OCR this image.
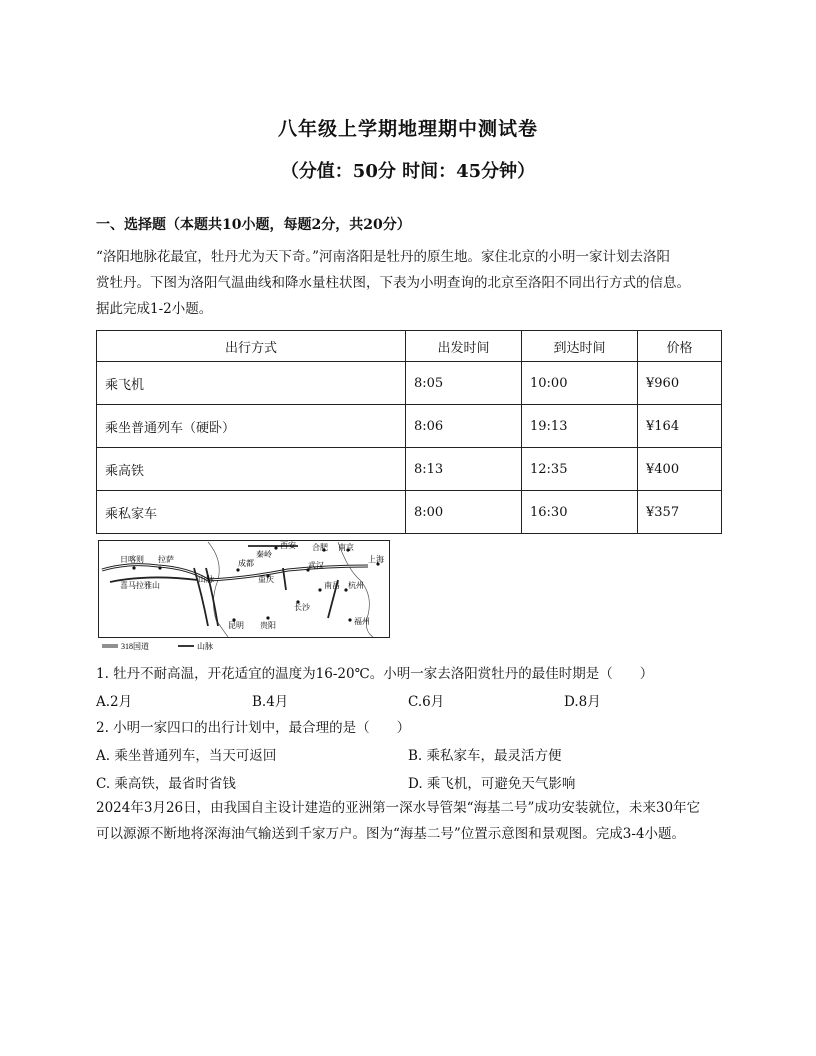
八年级上学期地理期中测试卷
（分值：50分 时间：45分钟）
一、选择题（本题共10小题，每题2分，共20分）
“洛阳地脉花最宜，牡丹尤为天下奇。”河南洛阳是牡丹的原生地。家住北京的小明一家计划去洛阳
赏牡丹。下图为洛阳气温曲线和降水量柱状图，下表为小明查询的北京至洛阳不同出行方式的信息。
据此完成1-2小题。
出行方式	出发时间	到达时间	价格
乘飞机	8:05	10:00	¥960
乘坐普通列车（硬卧）	8:06	19:13	¥164
乘高铁	8:13	12:35	¥400
乘私家车	8:00	16:30	¥357
日喀则 拉萨
喜马拉雅山
秦岭
西安 合肥 南京
上海
成都
重庆
武汉
南昌 杭州
长沙
贵阳
昆明	福州
山脉
318国道	山脉
1. 牡丹不耐高温，开花适宜的温度为16-20℃。小明一家去洛阳赏牡丹的最佳时期是（　　）
A.2月	B.4月	C.6月	D.8月
2. 小明一家四口的出行计划中，最合理的是（　　）
A. 乘坐普通列车，当天可返回	B. 乘私家车，最灵活方便
C. 乘高铁，最省时省钱	D. 乘飞机，可避免天气影响
2024年3月26日，由我国自主设计建造的亚洲第一深水导管架“海基二号”成功安装就位，未来30年它
可以源源不断地将深海油气输送到千家万户。图为“海基二号”位置示意图和景观图。完成3-4小题。
